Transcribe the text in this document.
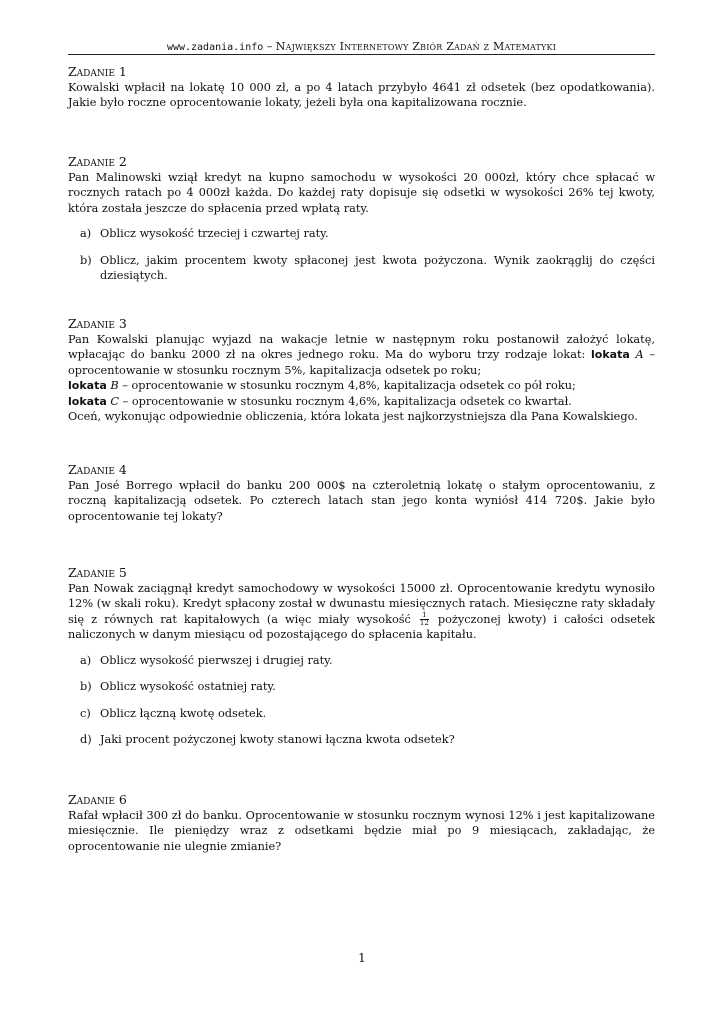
www.zadania.info – Największy Internetowy Zbiór Zadań z Matematyki
Zadanie 1

Kowalski wpłacił na lokatę 10 000 zł, a po 4 latach przybyło 4641 zł odsetek (bez opodatkowania). Jakie było roczne oprocentowanie lokaty, jeżeli była ona kapitalizowana rocznie.

Zadanie 2

Pan Malinowski wziął kredyt na kupno samochodu w wysokości 20 000zł, który chce spłacać w rocznych ratach po 4 000zł każda. Do każdej raty dopisuje się odsetki w wysokości 26% tej kwoty, która została jeszcze do spłacenia przed wpłatą raty.

a) Oblicz wysokość trzeciej i czwartej raty.
b) Oblicz, jakim procentem kwoty spłaconej jest kwota pożyczona. Wynik zaokrąglij do części dziesiątych.
Zadanie 3

Pan Kowalski planując wyjazd na wakacje letnie w następnym roku postanowił założyć lokatę, wpłacając do banku 2000 zł na okres jednego roku. Ma do wyboru trzy rodzaje lokat: lokata A – oprocentowanie w stosunku rocznym 5%, kapitalizacja odsetek po roku;
lokata B – oprocentowanie w stosunku rocznym 4,8%, kapitalizacja odsetek co pół roku;
lokata C – oprocentowanie w stosunku rocznym 4,6%, kapitalizacja odsetek co kwartał.
Oceń, wykonując odpowiednie obliczenia, która lokata jest najkorzystniejsza dla Pana Kowalskiego.

Zadanie 4

Pan José Borrego wpłacił do banku 200 000$ na czteroletnią lokatę o stałym oprocentowaniu, z roczną kapitalizacją odsetek. Po czterech latach stan jego konta wyniósł 414 720$. Jakie było oprocentowanie tej lokaty?

Zadanie 5

Pan Nowak zaciągnął kredyt samochodowy w wysokości 15000 zł. Oprocentowanie kredytu wynosiło 12% (w skali roku). Kredyt spłacony został w dwunastu miesięcznych ratach. Miesięczne raty składały się z równych rat kapitałowych (a więc miały wysokość $\frac{1}{12}$ pożyczonej kwoty) i całości odsetek naliczonych w danym miesiącu od pozostającego do spłacenia kapitału.

a) Oblicz wysokość pierwszej i drugiej raty.
b) Oblicz wysokość ostatniej raty.
c) Oblicz łączną kwotę odsetek.
d) Jaki procent pożyczonej kwoty stanowi łączna kwota odsetek?
Zadanie 6

Rafał wpłacił 300 zł do banku. Oprocentowanie w stosunku rocznym wynosi 12% i jest kapitalizowane miesięcznie. Ile pieniędzy wraz z odsetkami będzie miał po 9 miesiącach, zakładając, że oprocentowanie nie ulegnie zmianie?

1
